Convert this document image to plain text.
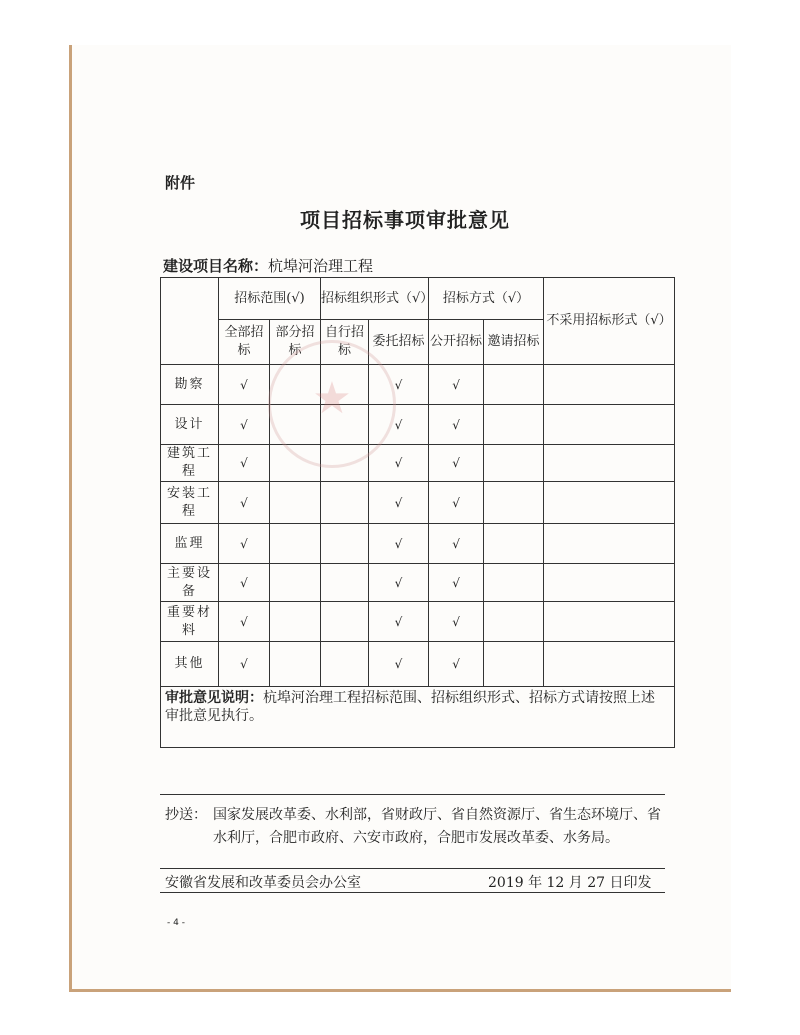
★
附件
项目招标事项审批意见
建设项目名称：杭埠河治理工程
	招标范围(√)		招标组织形式（√）		招标方式（√）		不采用招标形式（√）
	全部招标	部分招标	自行招标	委托招标	公开招标	邀请招标	
勘察	√			√	√		
设计	√			√	√		
建筑工程	√			√	√		
安装工程	√			√	√		
监理	√			√	√		
主要设备	√			√	√		
重要材料	√			√	√		
其他	√			√	√		
审批意见说明：杭埠河治理工程招标范围、招标组织形式、招标方式请按照上述审批意见执行。							
抄送： 国家发展改革委、水利部，省财政厅、省自然资源厅、省生态环境厅、省水利厅，合肥市政府、六安市政府，合肥市发展改革委、水务局。
安徽省发展和改革委员会办公室	2019 年 12 月 27 日印发
- 4 -
